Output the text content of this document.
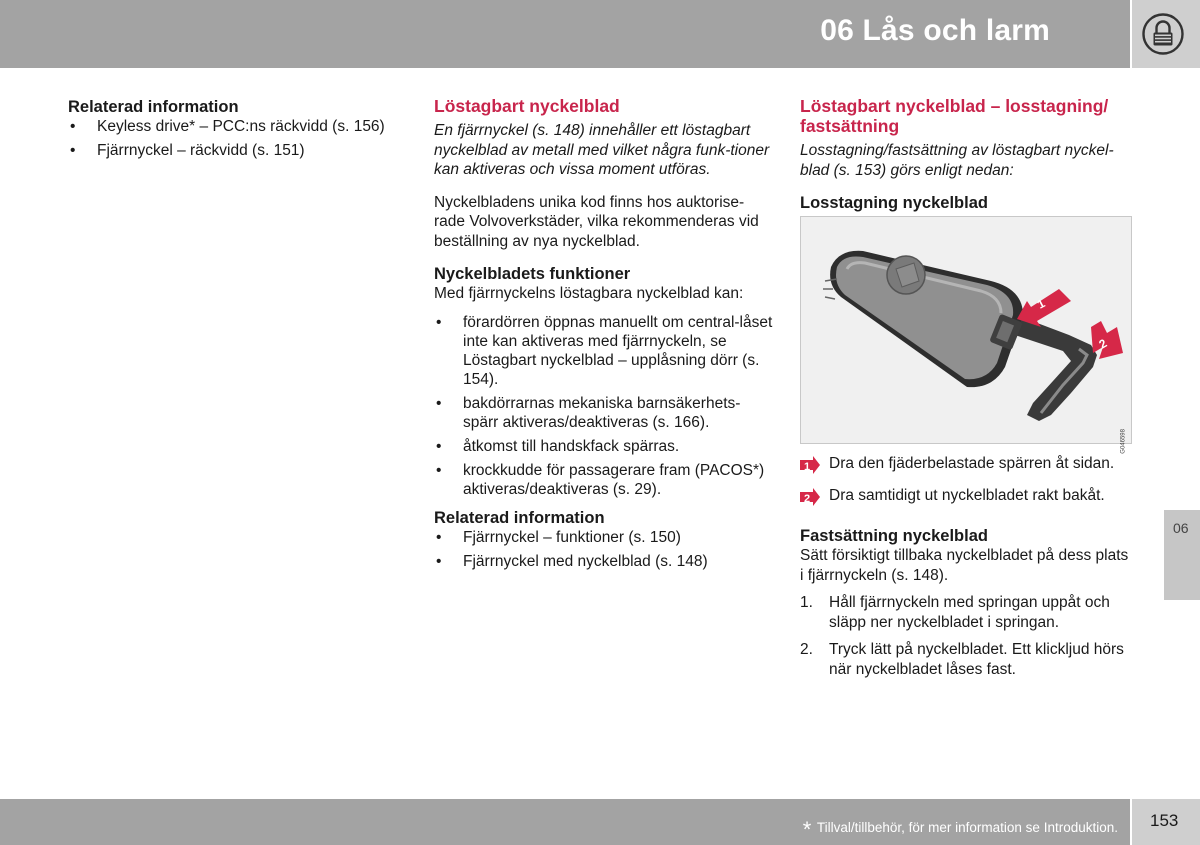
06 Lås och larm
Relaterad information
• Keyless drive* – PCC:ns räckvidd (s. 156)
• Fjärrnyckel – räckvidd (s. 151)
Löstagbart nyckelblad

En fjärrnyckel (s. 148) innehåller ett löstagbart nyckelblad av metall med vilket några funk-tioner kan aktiveras och vissa moment utföras.

Nyckelbladens unika kod finns hos auktorise-rade Volvoverkstäder, vilka rekommenderas vid beställning av nya nyckelblad.

Nyckelbladets funktioner

Med fjärrnyckelns löstagbara nyckelblad kan:

• förardörren öppnas manuellt om central-låset inte kan aktiveras med fjärrnyckeln, se Löstagbart nyckelblad – upplåsning dörr (s. 154).
• bakdörrarnas mekaniska barnsäkerhets-spärr aktiveras/deaktiveras (s. 166).
• åtkomst till handskfack spärras.
• krockkudde för passagerare fram (PACOS*) aktiveras/deaktiveras (s. 29).
Relaterad information
• Fjärrnyckel – funktioner (s. 150)
• Fjärrnyckel med nyckelblad (s. 148)
Löstagbart nyckelblad – losstagning/ fastsättning

Losstagning/fastsättning av löstagbart nyckel-blad (s. 153) görs enligt nedan:

Losstagning nyckelblad
1
2
G046598
1 Dra den fjäderbelastade spärren åt sidan.
2 Dra samtidigt ut nyckelbladet rakt bakåt.
Fastsättning nyckelblad

Sätt försiktigt tillbaka nyckelbladet på dess plats i fjärrnyckeln (s. 148).

1. Håll fjärrnyckeln med springan uppåt och släpp ner nyckelbladet i springan.
2. Tryck lätt på nyckelbladet. Ett klickljud hörs när nyckelbladet låses fast.
06
* Tillval/tillbehör, för mer information se Introduktion. 153
